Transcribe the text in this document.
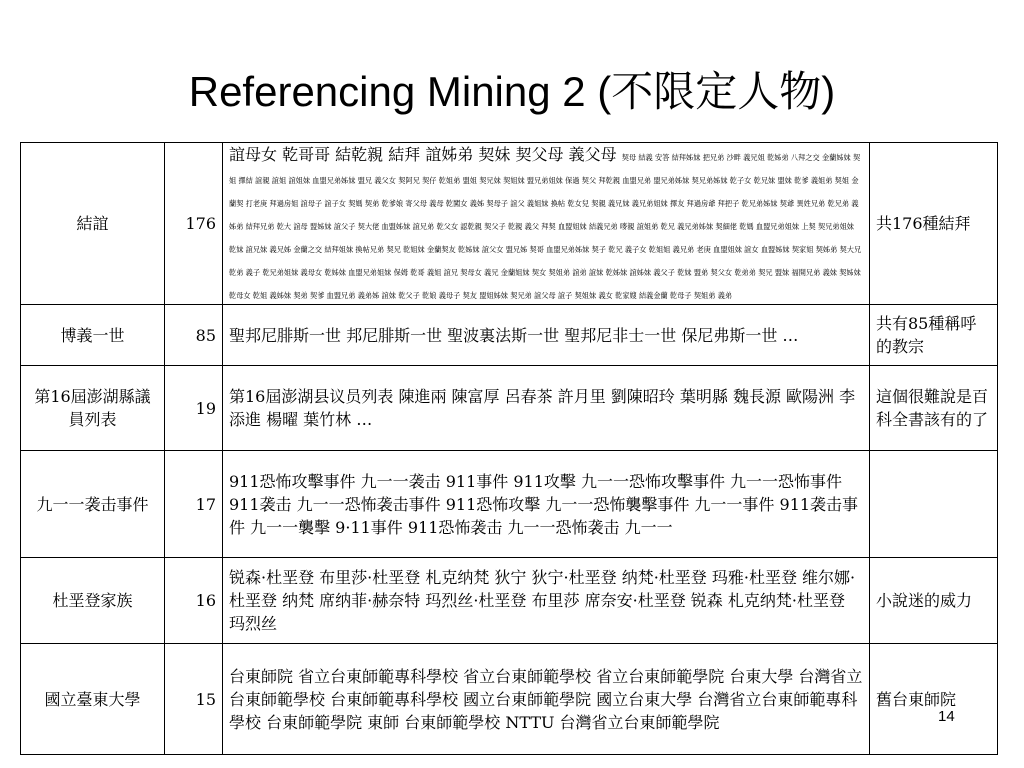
Referencing Mining 2 (不限定人物)
結誼	176	誼母女 乾哥哥 結乾親 結拜 誼姊弟 契妹 契父母 義父母 契母 結義 安答 結拜姊妹 把兄弟 沙畔 義兄姐 乾姊弟 八拜之交 金蘭姊妹 契姐 擇結 誼親 誼姐 誼姐妹 血盟兄弟姊妹 盟兄 義父女 契阿兄 契仔 乾姐弟 盟姐 契兄妹 契姐妹 盟兄弟姐妹 保過 契父 拜乾親 血盟兄弟 盟兄弟姊妹 契兄弟姊妹 乾子女 乾兄妹 盟妹 乾爹 義姐弟 契姐 金蘭契 打老庚 拜過房姐 誼母子 誼子女 契媽 契弟 乾爹娘 寄父母 義母 乾闖女 義姊 契母子 誼父 義姐妹 換帖 乾女兒 契親 義兄妹 義兄弟姐妹 擇友 拜過房爺 拜把子 乾兄弟姊妹 契爺 異姓兄弟 乾兄弟 義姊弟 結拜兄弟 乾大 誼母 盟姊妹 誼父子 契大佬 血盟姊妹 誼兄弟 乾父女 認乾親 契父子 乾親 義父 拜契 血盟姐妹 結義兄弟 嘜親 誼姐弟 乾兄 義兄弟姊妹 契細佬 乾媽 血盟兄弟姐妹 上契 契兄弟姐妹 乾妹 誼兄妹 義兄姊 金蘭之交 結拜姐妹 換帖兄弟 契兄 乾姐妹 金蘭契友 乾姊妹 誼父女 盟兄姊 契哥 血盟兄弟姊妹 契子 乾兄 義子女 乾姐姐 義兄弟 老庚 血盟姐妹 誼女 血盟姊妹 契家姐 契姊弟 契大兄 乾弟 義子 乾兄弟姐妹 義母女 乾姊妹 血盟兄弟姐妹 保姆 乾哥 義姐 誼兄 契母女 義兄 金蘭姐妹 契女 契姐弟 誼弟 誼妹 乾姊妹 誼姊妹 義父子 乾妹 盟弟 契父女 乾弟弟 契兄 盟妹 福開兄弟 義妹 契姊妹 乾母女 乾姐 義姊妹 契弟 契爹 血盟兄弟 義弟姊 誼妹 乾父子 乾娘 義母子 契友 盟姐姊妹 契兄弟 誼父母 誼子 契姐妹 義女 乾家嫂 結義金蘭 乾母子 契姐弟 義弟	共176種結拜
博義一世	85	聖邦尼腓斯一世 邦尼腓斯一世 聖波裏法斯一世 聖邦尼非士一世 保尼弗斯一世 …	共有85種稱呼的教宗
第16屆澎湖縣議員列表	19	第16屆澎湖县议员列表 陳進兩 陳富厚 呂春茶 許月里 劉陳昭玲 葉明縣 魏長源 歐陽洲 李添進 楊曜 葉竹林 …	這個很難說是百科全書該有的了
九一一袭击事件	17	911恐怖攻擊事件 九一一袭击 911事件 911攻擊 九一一恐怖攻擊事件 九一一恐怖事件 911袭击 九一一恐怖袭击事件 911恐怖攻擊 九一一恐怖襲擊事件 九一一事件 911袭击事件 九一一襲擊 9·11事件 911恐怖袭击 九一一恐怖袭击 九一一	
杜垩登家族	16	锐森·杜垩登 布里莎·杜垩登 札克纳梵 狄宁 狄宁·杜垩登 纳梵·杜垩登 玛雅·杜垩登 维尔娜·杜垩登 纳梵 席纳菲·赫奈特 玛烈丝·杜垩登 布里莎 席奈安·杜垩登 锐森 札克纳梵·杜垩登 玛烈丝	小說迷的威力
國立臺東大學	15	台東師院 省立台東師範專科學校 省立台東師範學校 省立台東師範學院 台東大學 台灣省立台東師範學校 台東師範專科學校 國立台東師範學院 國立台東大學 台灣省立台東師範專科學校 台東師範學院 東師 台東師範學校 NTTU 台灣省立台東師範學院	舊台東師院
14
